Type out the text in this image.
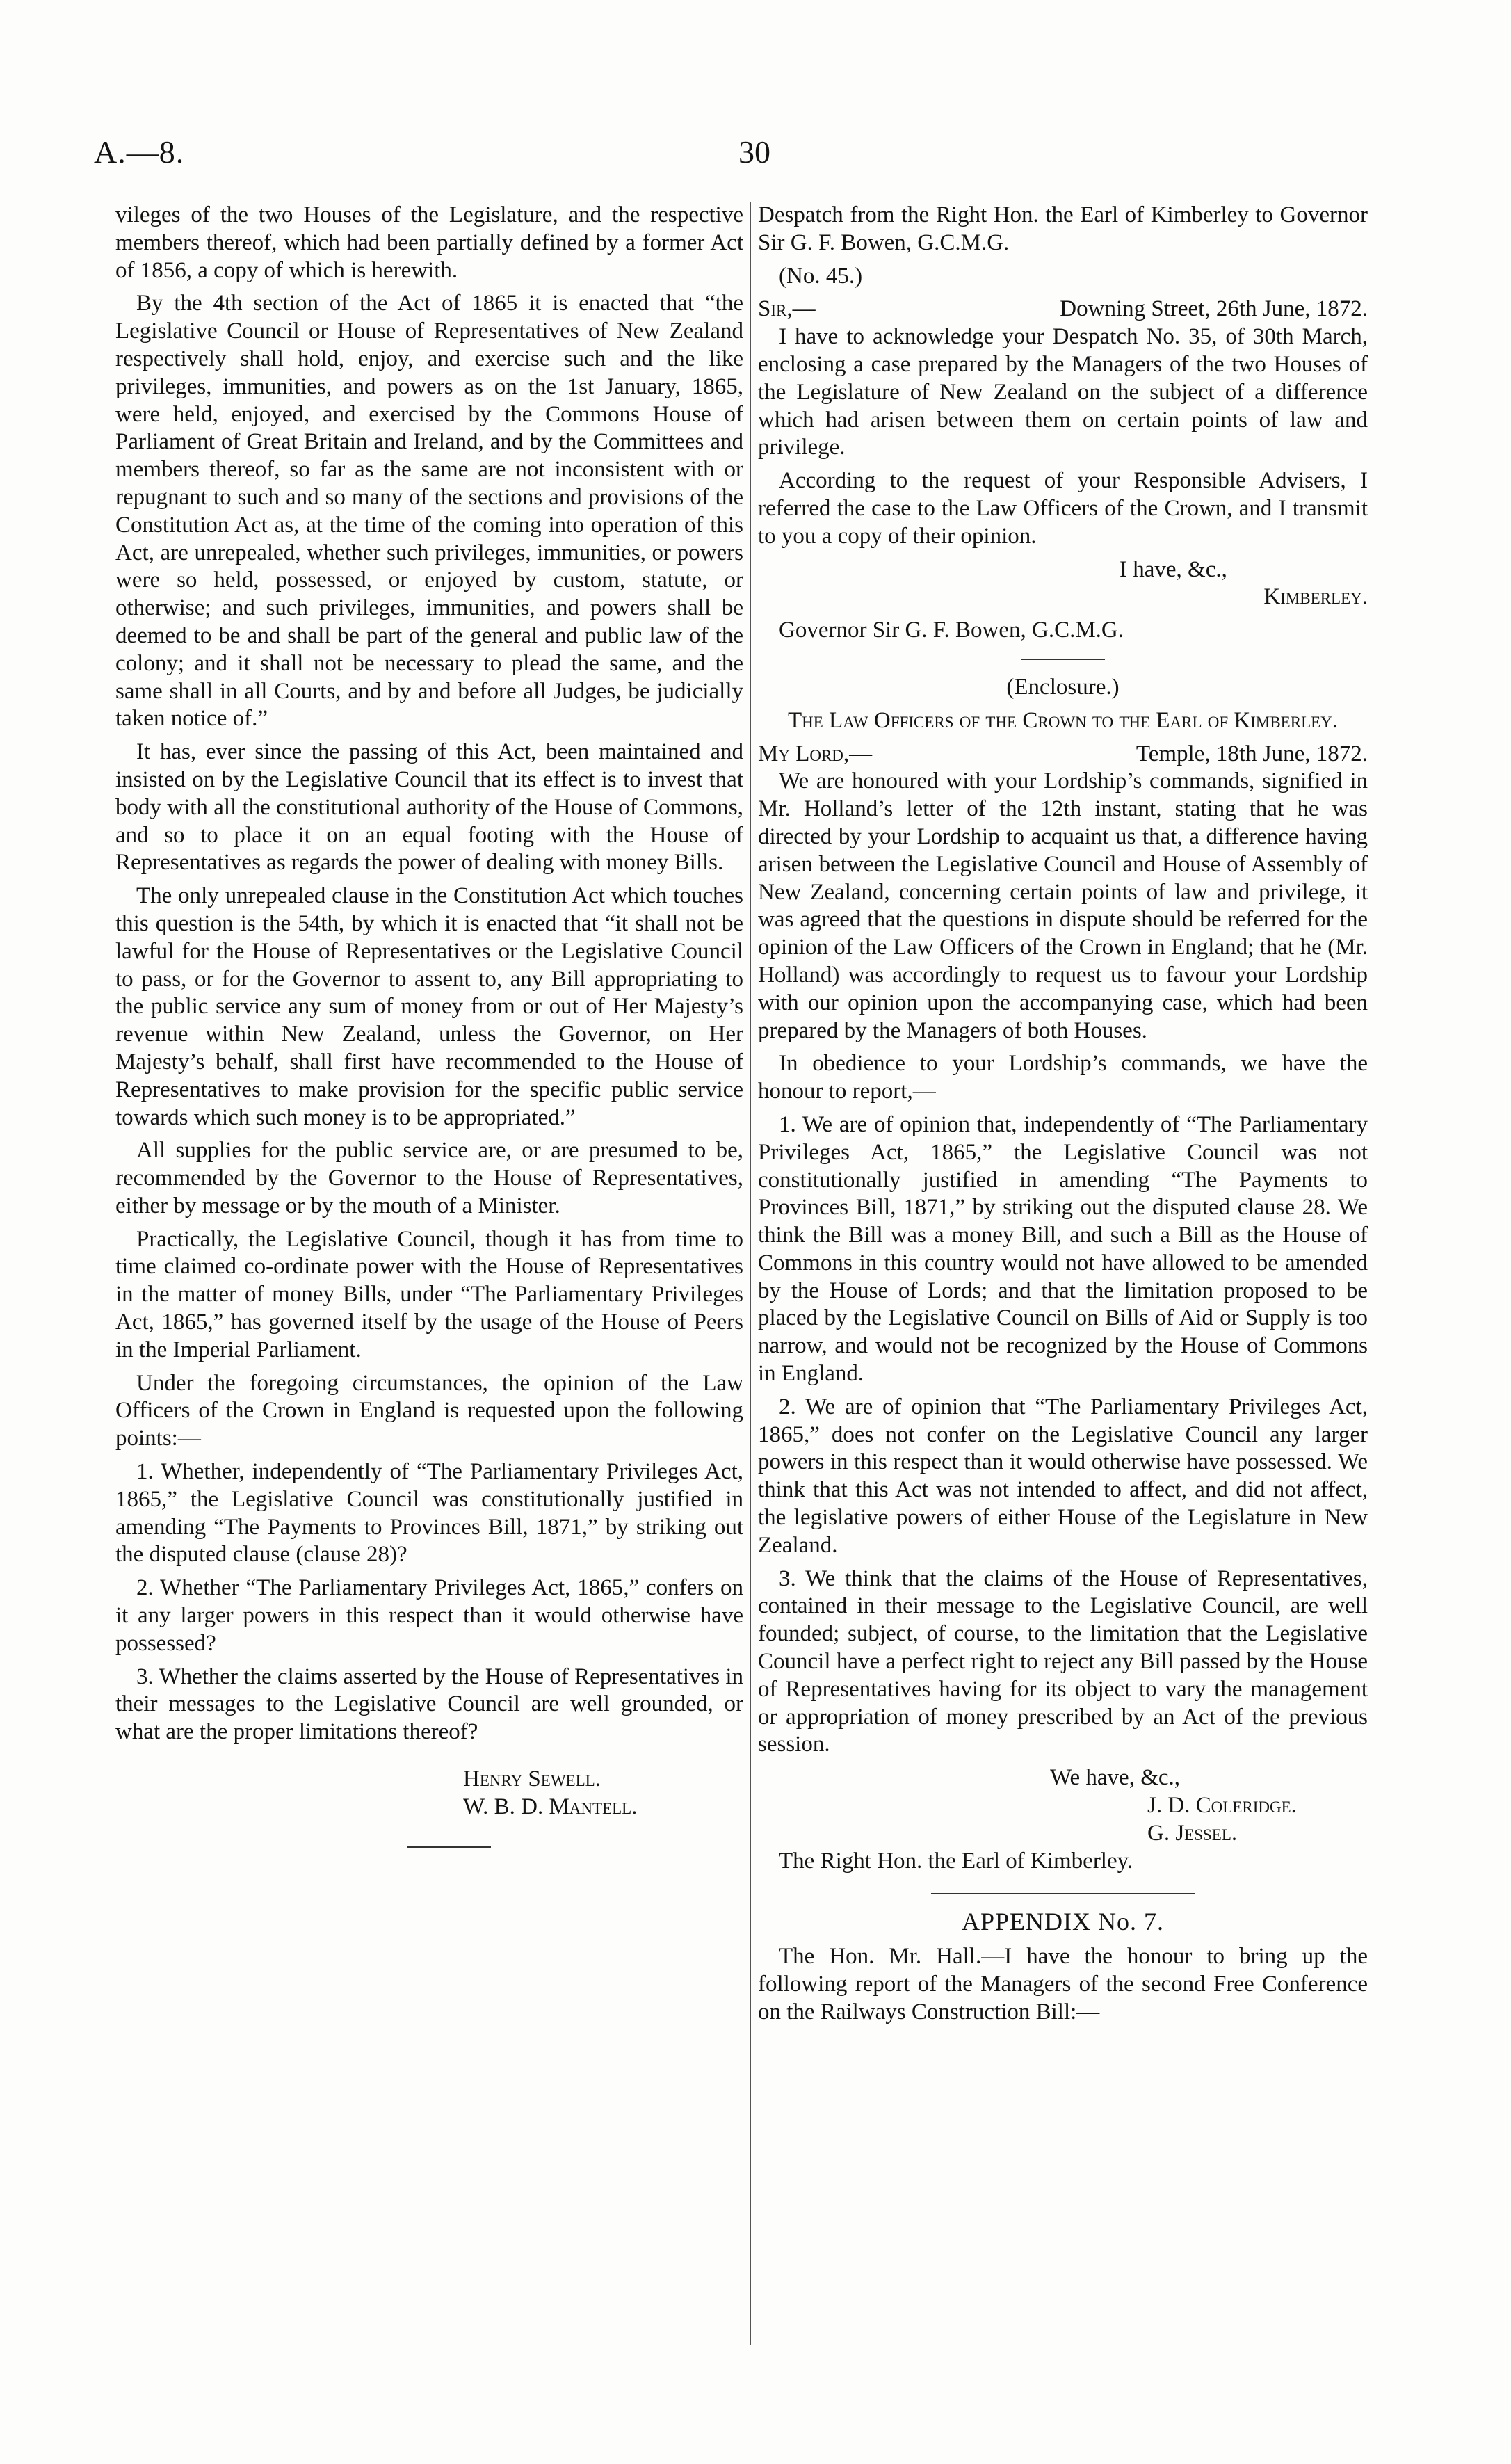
A.—8.	30

vileges of the two Houses of the Legislature, and the respective members thereof, which had been partially defined by a former Act of 1856, a copy of which is herewith.

By the 4th section of the Act of 1865 it is enacted that “the Legislative Council or House of Representatives of New Zealand respectively shall hold, enjoy, and exercise such and the like privileges, immunities, and powers as on the 1st January, 1865, were held, enjoyed, and exercised by the Commons House of Parliament of Great Britain and Ireland, and by the Committees and members thereof, so far as the same are not inconsistent with or repugnant to such and so many of the sections and provisions of the Constitution Act as, at the time of the coming into operation of this Act, are unrepealed, whether such privileges, immunities, or powers were so held, possessed, or enjoyed by custom, statute, or otherwise; and such privileges, immunities, and powers shall be deemed to be and shall be part of the general and public law of the colony; and it shall not be necessary to plead the same, and the same shall in all Courts, and by and before all Judges, be judicially taken notice of.”

It has, ever since the passing of this Act, been maintained and insisted on by the Legislative Council that its effect is to invest that body with all the constitutional authority of the House of Commons, and so to place it on an equal footing with the House of Representatives as regards the power of dealing with money Bills.

The only unrepealed clause in the Constitution Act which touches this question is the 54th, by which it is enacted that “it shall not be lawful for the House of Representatives or the Legislative Council to pass, or for the Governor to assent to, any Bill appropriating to the public service any sum of money from or out of Her Majesty’s revenue within New Zealand, unless the Governor, on Her Majesty’s behalf, shall first have recommended to the House of Representatives to make provision for the specific public service towards which such money is to be appropriated.”

All supplies for the public service are, or are presumed to be, recommended by the Governor to the House of Representatives, either by message or by the mouth of a Minister.

Practically, the Legislative Council, though it has from time to time claimed co-ordinate power with the House of Representatives in the matter of money Bills, under “The Parliamentary Privileges Act, 1865,” has governed itself by the usage of the House of Peers in the Imperial Parliament.

Under the foregoing circumstances, the opinion of the Law Officers of the Crown in England is requested upon the following points:—

1. Whether, independently of “The Parliamentary Privileges Act, 1865,” the Legislative Council was constitutionally justified in amending “The Payments to Provinces Bill, 1871,” by striking out the disputed clause (clause 28)?

2. Whether “The Parliamentary Privileges Act, 1865,” confers on it any larger powers in this respect than it would otherwise have possessed?

3. Whether the claims asserted by the House of Representatives in their messages to the Legislative Council are well grounded, or what are the proper limitations thereof?

Henry Sewell.

W. B. D. Mantell.

Despatch from the Right Hon. the Earl of Kimberley to Governor Sir G. F. Bowen, G.C.M.G.

(No. 45.)

Sir,—	Downing Street, 26th June, 1872.

I have to acknowledge your Despatch No. 35, of 30th March, enclosing a case prepared by the Managers of the two Houses of the Legislature of New Zealand on the subject of a difference which had arisen between them on certain points of law and privilege.

According to the request of your Responsible Advisers, I referred the case to the Law Officers of the Crown, and I transmit to you a copy of their opinion.

I have, &c.,

Kimberley.

Governor Sir G. F. Bowen, G.C.M.G.

(Enclosure.)

The Law Officers of the Crown to the Earl of Kimberley.

My Lord,—	Temple, 18th June, 1872.

We are honoured with your Lordship’s commands, signified in Mr. Holland’s letter of the 12th instant, stating that he was directed by your Lordship to acquaint us that, a difference having arisen between the Legislative Council and House of Assembly of New Zealand, concerning certain points of law and privilege, it was agreed that the questions in dispute should be referred for the opinion of the Law Officers of the Crown in England; that he (Mr. Holland) was accordingly to request us to favour your Lordship with our opinion upon the accompanying case, which had been prepared by the Managers of both Houses.

In obedience to your Lordship’s commands, we have the honour to report,—

1. We are of opinion that, independently of “The Parliamentary Privileges Act, 1865,” the Legislative Council was not constitutionally justified in amending “The Payments to Provinces Bill, 1871,” by striking out the disputed clause 28. We think the Bill was a money Bill, and such a Bill as the House of Commons in this country would not have allowed to be amended by the House of Lords; and that the limitation proposed to be placed by the Legislative Council on Bills of Aid or Supply is too narrow, and would not be recognized by the House of Commons in England.

2. We are of opinion that “The Parliamentary Privileges Act, 1865,” does not confer on the Legislative Council any larger powers in this respect than it would otherwise have possessed. We think that this Act was not intended to affect, and did not affect, the legislative powers of either House of the Legislature in New Zealand.

3. We think that the claims of the House of Representatives, contained in their message to the Legislative Council, are well founded; subject, of course, to the limitation that the Legislative Council have a perfect right to reject any Bill passed by the House of Representatives having for its object to vary the management or appropriation of money prescribed by an Act of the previous session.

We have, &c.,

J. D. Coleridge.

G. Jessel.

The Right Hon. the Earl of Kimberley.

APPENDIX No. 7.

The Hon. Mr. Hall.—I have the honour to bring up the following report of the Managers of the second Free Conference on the Railways Construction Bill:—
